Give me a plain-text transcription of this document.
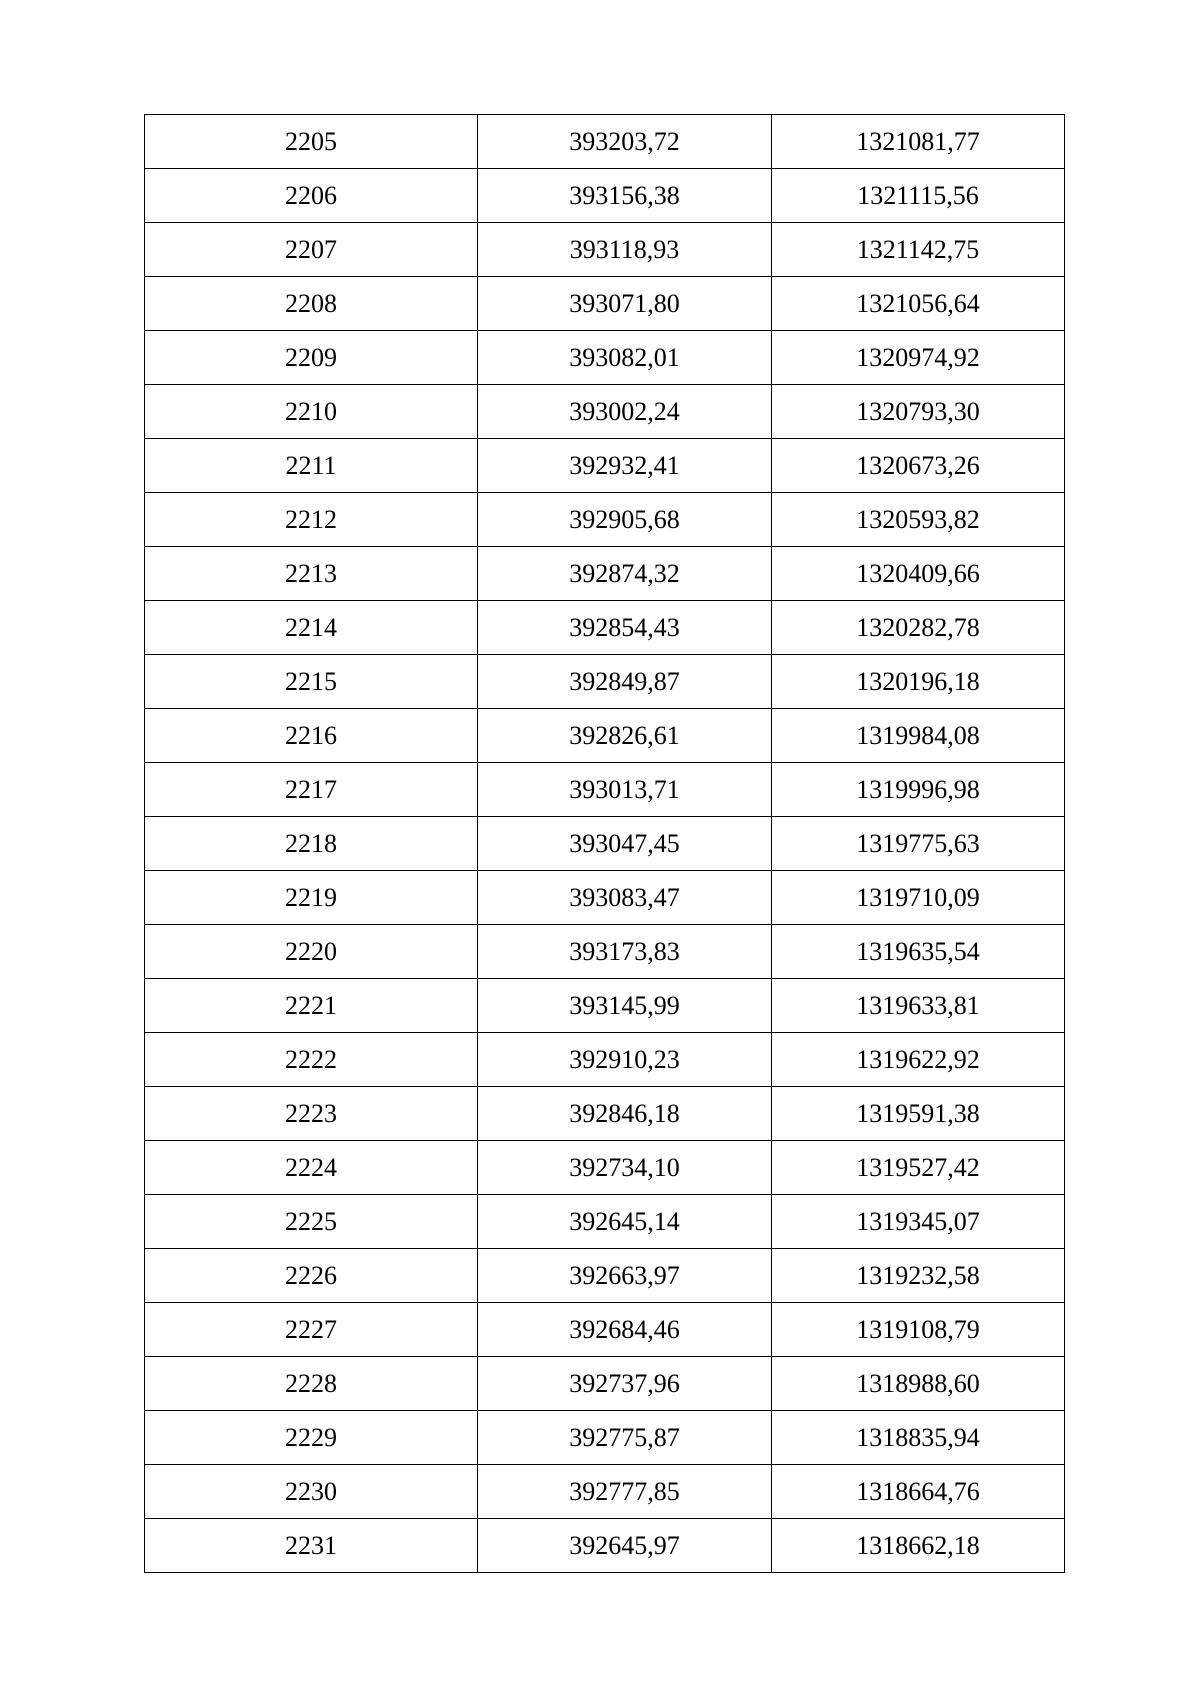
2205	393203,72	1321081,77
2206	393156,38	1321115,56
2207	393118,93	1321142,75
2208	393071,80	1321056,64
2209	393082,01	1320974,92
2210	393002,24	1320793,30
2211	392932,41	1320673,26
2212	392905,68	1320593,82
2213	392874,32	1320409,66
2214	392854,43	1320282,78
2215	392849,87	1320196,18
2216	392826,61	1319984,08
2217	393013,71	1319996,98
2218	393047,45	1319775,63
2219	393083,47	1319710,09
2220	393173,83	1319635,54
2221	393145,99	1319633,81
2222	392910,23	1319622,92
2223	392846,18	1319591,38
2224	392734,10	1319527,42
2225	392645,14	1319345,07
2226	392663,97	1319232,58
2227	392684,46	1319108,79
2228	392737,96	1318988,60
2229	392775,87	1318835,94
2230	392777,85	1318664,76
2231	392645,97	1318662,18
